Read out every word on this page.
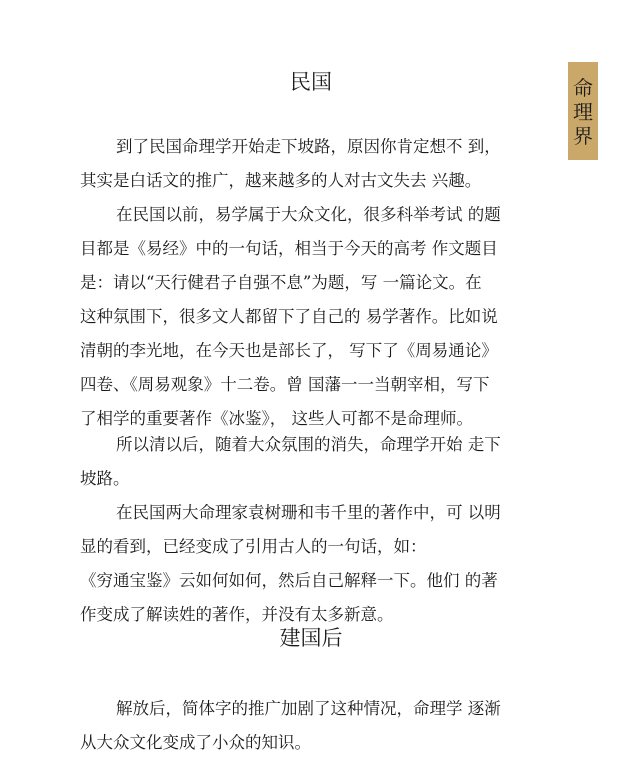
命
理
界
民国

到了民国命理学开始走下坡路，原因你肯定想不 到，
其实是白话文的推广，越来越多的人对古文失去 兴趣。

在民国以前，易学属于大众文化，很多科举考试 的题
目都是《易经》中的一句话，相当于今天的高考 作文题目
是：请以“天行健君子自强不息”为题，写 一篇论文。在
这种氛围下，很多文人都留下了自己的 易学著作。比如说
清朝的李光地，在今天也是部长了， 写下了《周易通论》
四卷、《周易观象》十二卷。曾 国藩一一当朝宰相，写下
了相学的重要著作《冰鉴》， 这些人可都不是命理师。

所以清以后，随着大众氛围的消失，命理学开始 走下
坡路。

在民国两大命理家袁树珊和韦千里的著作中，可 以明
显的看到，已经变成了引用古人的一句话，如：
《穷通宝鉴》云如何如何，然后自己解释一下。他们 的著
作变成了解读姓的著作，并没有太多新意。

建国后

解放后，简体字的推广加剧了这种情况，命理学 逐渐
从大众文化变成了小众的知识。
